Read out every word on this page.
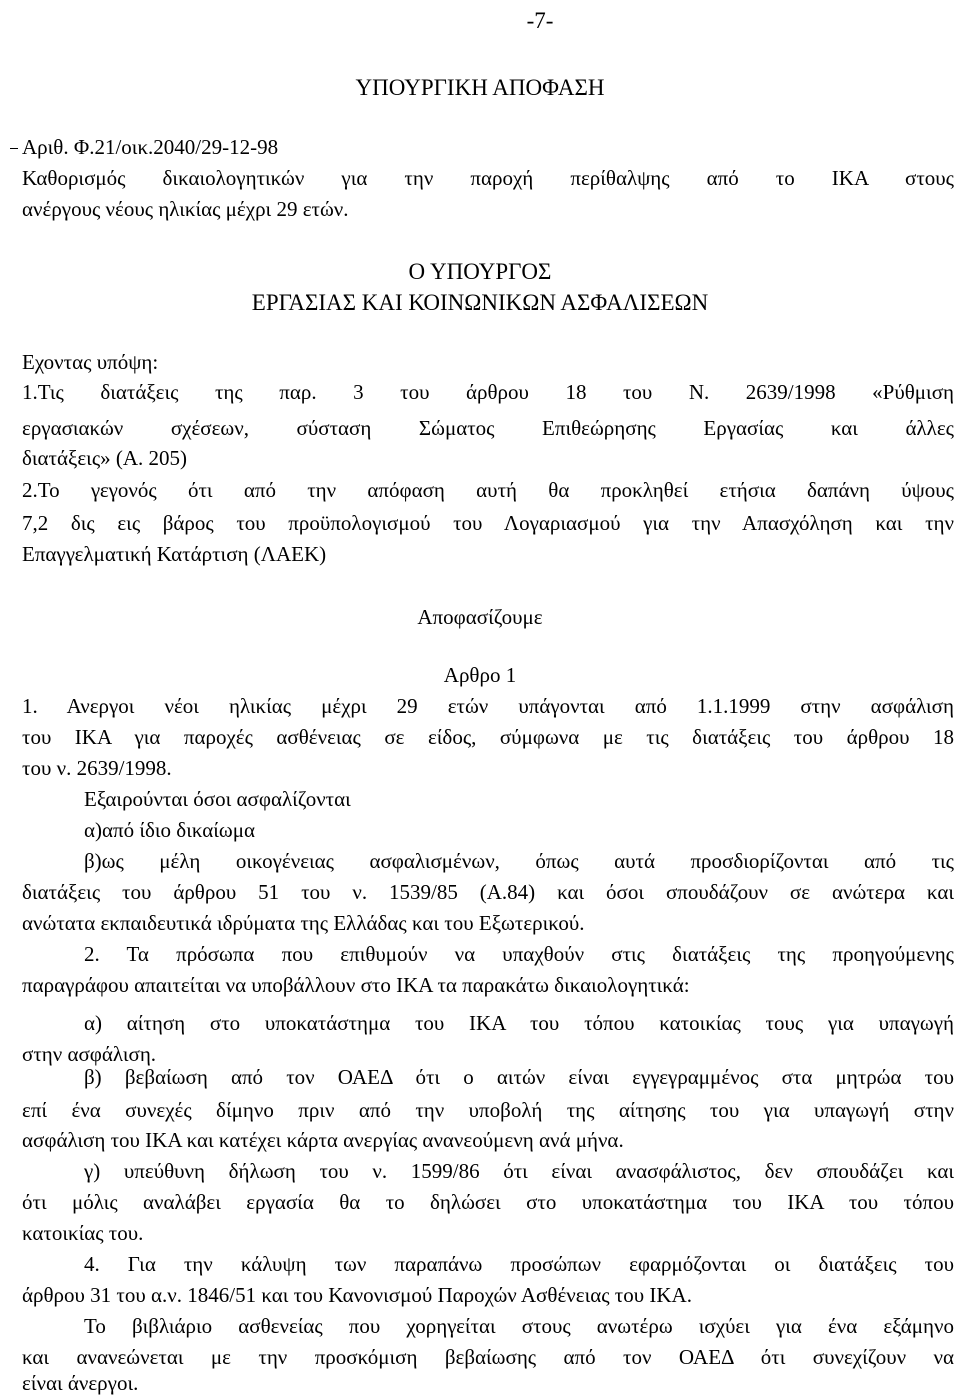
-7-
ΥΠΟΥΡΓΙΚΗ ΑΠΟΦΑΣΗ
Αριθ. Φ.21/οικ.2040/29-12-98
Καθορισμός δικαιολογητικών για την παροχή περίθαλψης από το ΙΚΑ στους
ανέργους νέους ηλικίας μέχρι 29 ετών.
Ο ΥΠΟΥΡΓΟΣ
ΕΡΓΑΣΙΑΣ ΚΑΙ ΚΟΙΝΩΝΙΚΩΝ ΑΣΦΑΛΙΣΕΩΝ
Εχοντας υπόψη:
1.Τις διατάξεις της παρ. 3 του άρθρου 18 του Ν. 2639/1998 «Ρύθμιση
εργασιακών σχέσεων, σύσταση Σώματος Επιθεώρησης Εργασίας και άλλες
διατάξεις» (Α. 205)
2.Το γεγονός ότι από την απόφαση αυτή θα προκληθεί ετήσια δαπάνη ύψους
7,2 δις εις βάρος του προϋπολογισμού του Λογαριασμού για την Απασχόληση και την
Επαγγελματική Κατάρτιση (ΛΑΕΚ)
Αποφασίζουμε
Αρθρο 1
1. Ανεργοι νέοι ηλικίας μέχρι 29 ετών υπάγονται από 1.1.1999 στην ασφάλιση
του ΙΚΑ για παροχές ασθένειας σε είδος, σύμφωνα με τις διατάξεις του άρθρου 18
του ν. 2639/1998.
Εξαιρούνται όσοι ασφαλίζονται
α)από ίδιο δικαίωμα
β)ως μέλη οικογένειας ασφαλισμένων, όπως αυτά προσδιορίζονται από τις
διατάξεις του άρθρου 51 του ν. 1539/85 (Α.84) και όσοι σπουδάζουν σε ανώτερα και
ανώτατα εκπαιδευτικά ιδρύματα της Ελλάδας και του Εξωτερικού.
2. Τα πρόσωπα που επιθυμούν να υπαχθούν στις διατάξεις της προηγούμενης
παραγράφου απαιτείται να υποβάλλουν στο ΙΚΑ τα παρακάτω δικαιολογητικά:
α) αίτηση στο υποκατάστημα του ΙΚΑ του τόπου κατοικίας τους για υπαγωγή
στην ασφάλιση.
β) βεβαίωση από τον ΟΑΕΔ ότι ο αιτών είναι εγγεγραμμένος στα μητρώα του
επί ένα συνεχές δίμηνο πριν από την υποβολή της αίτησης του για υπαγωγή στην
ασφάλιση του ΙΚΑ και κατέχει κάρτα ανεργίας ανανεούμενη ανά μήνα.
γ) υπεύθυνη δήλωση του ν. 1599/86 ότι είναι ανασφάλιστος, δεν σπουδάζει και
ότι μόλις αναλάβει εργασία θα το δηλώσει στο υποκατάστημα του ΙΚΑ του τόπου
κατοικίας του.
4. Για την κάλυψη των παραπάνω προσώπων εφαρμόζονται οι διατάξεις του
άρθρου 31 του α.ν. 1846/51 και του Κανονισμού Παροχών Ασθένειας του ΙΚΑ.
Το βιβλιάριο ασθενείας που χορηγείται στους ανωτέρω ισχύει για ένα εξάμηνο
και ανανεώνεται με την προσκόμιση βεβαίωσης από τον ΟΑΕΔ ότι συνεχίζουν να
είναι άνεργοι.
